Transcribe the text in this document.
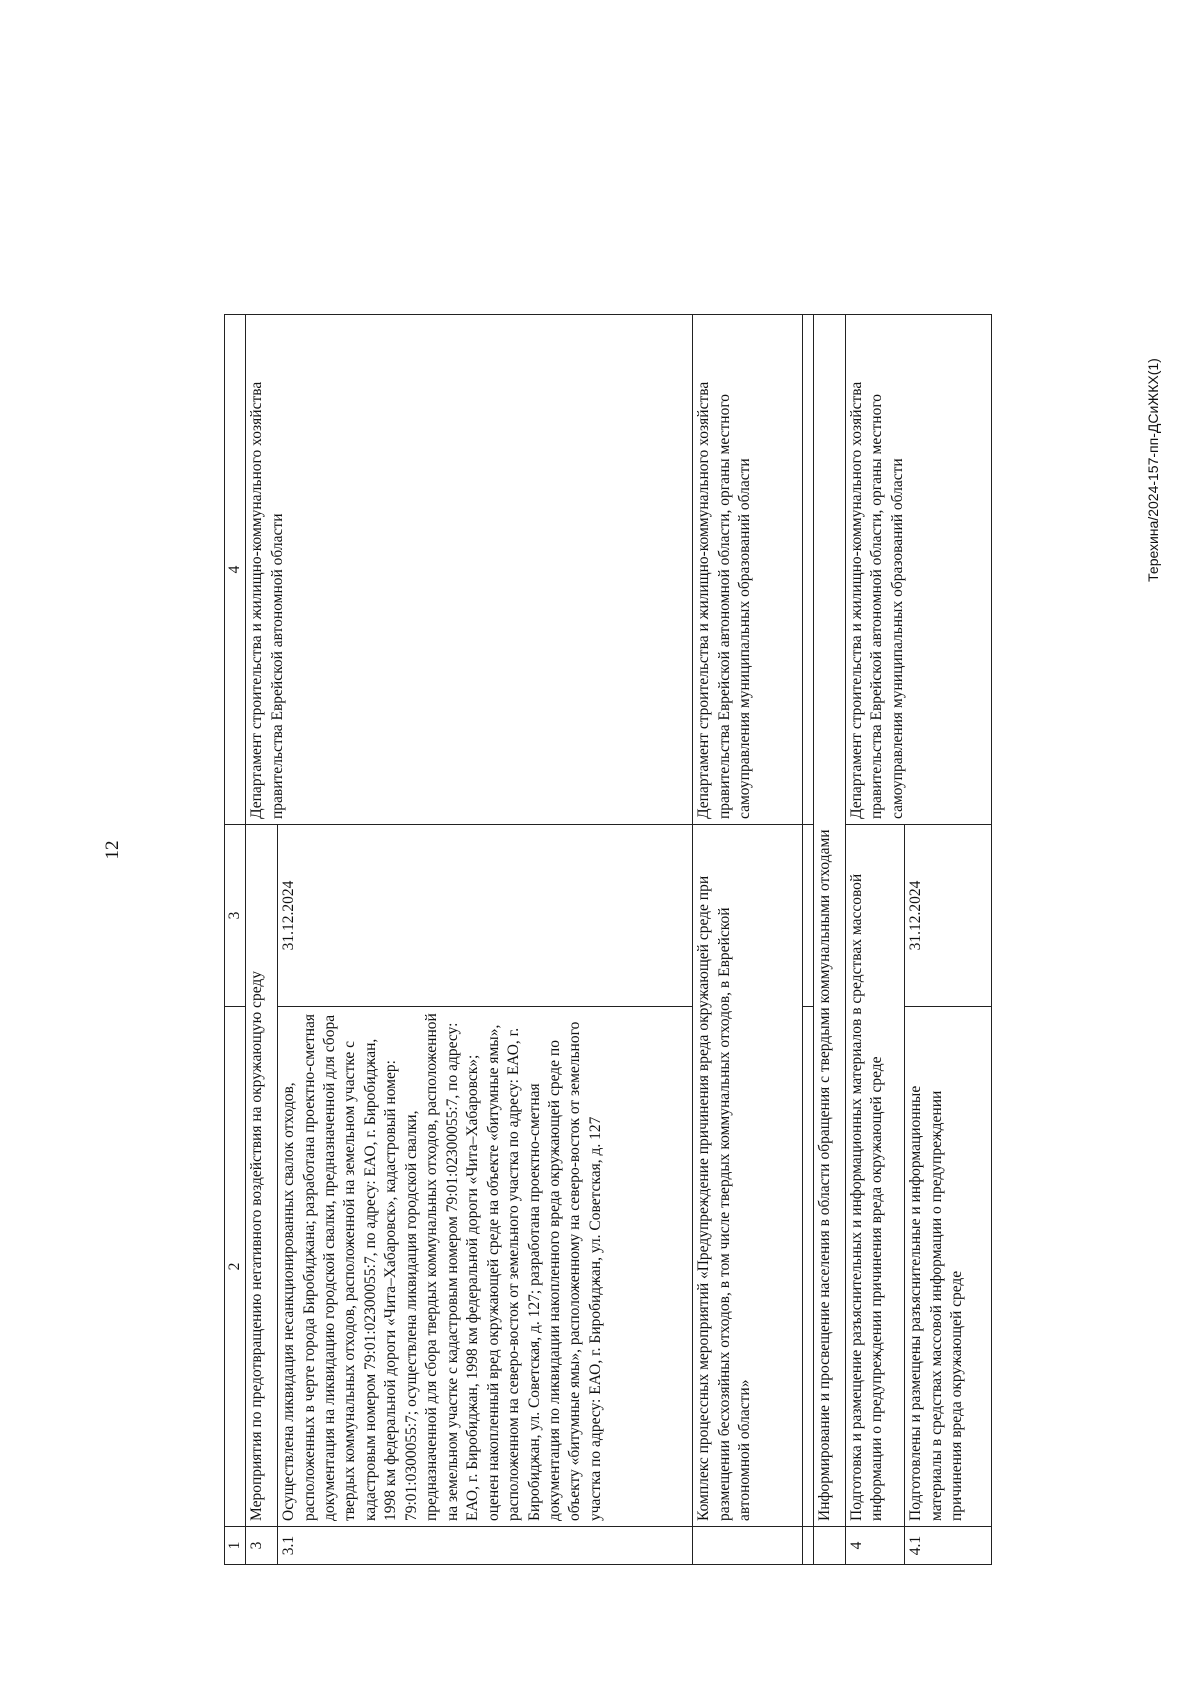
12
Терехина/2024-157-пп-ДСиЖКХ(1)
1	2	3	4
3	Мероприятия по предотвращению негативного воздействия на окружающую среду		Департамент строительства и жилищно-коммунального хозяйства правительства Еврейской автономной области
3.1	Осуществлена ликвидация несанкционированных свалок отходов, расположенных в черте города Биробиджана; разработана проектно-сметная документация на ликвидацию городской свалки, предназначенной для сбора твердых коммунальных отходов, расположенной на земельном участке с кадастровым номером 79:01:02300055:7, по адресу: ЕАО, г. Биробиджан, 1998 км федеральной дороги «Чита–Хабаровск», кадастровый номер: 79:01:0300055:7; осуществлена ликвидация городской свалки, предназначенной для сбора твердых коммунальных отходов, расположенной на земельном участке с кадастровым номером 79:01:02300055:7, по адресу: ЕАО, г. Биробиджан, 1998 км федеральной дороги «Чита–Хабаровск»; оценен накопленный вред окружающей среде на объекте «битумные ямы», расположенном на северо-восток от земельного участка по адресу: ЕАО, г. Биробиджан, ул. Советская, д. 127; разработана проектно-сметная документация по ликвидации накопленного вреда окружающей среде по объекту «битумные ямы», расположенному на северо-восток от земельного участка по адресу: ЕАО, г. Биробиджан, ул. Советская, д. 127	31.12.2024	
	Комплекс процессных мероприятий «Предупреждение причинения вреда окружающей среде при размещении бесхозяйных отходов, в том числе твердых коммунальных отходов, в Еврейской автономной области»		Департамент строительства и жилищно-коммунального хозяйства правительства Еврейской автономной области, органы местного самоуправления муниципальных образований области

	Информирование и просвещение населения в области обращения с твердыми коммунальными отходами		
4	Подготовка и размещение разъяснительных и информационных материалов в средствах массовой информации о предупреждении причинения вреда окружающей среде		Департамент строительства и жилищно-коммунального хозяйства правительства Еврейской автономной области, органы местного самоуправления муниципальных образований области
4.1	Подготовлены и размещены разъяснительные и информационные материалы в средствах массовой информации о предупреждении причинения вреда окружающей среде	31.12.2024	
